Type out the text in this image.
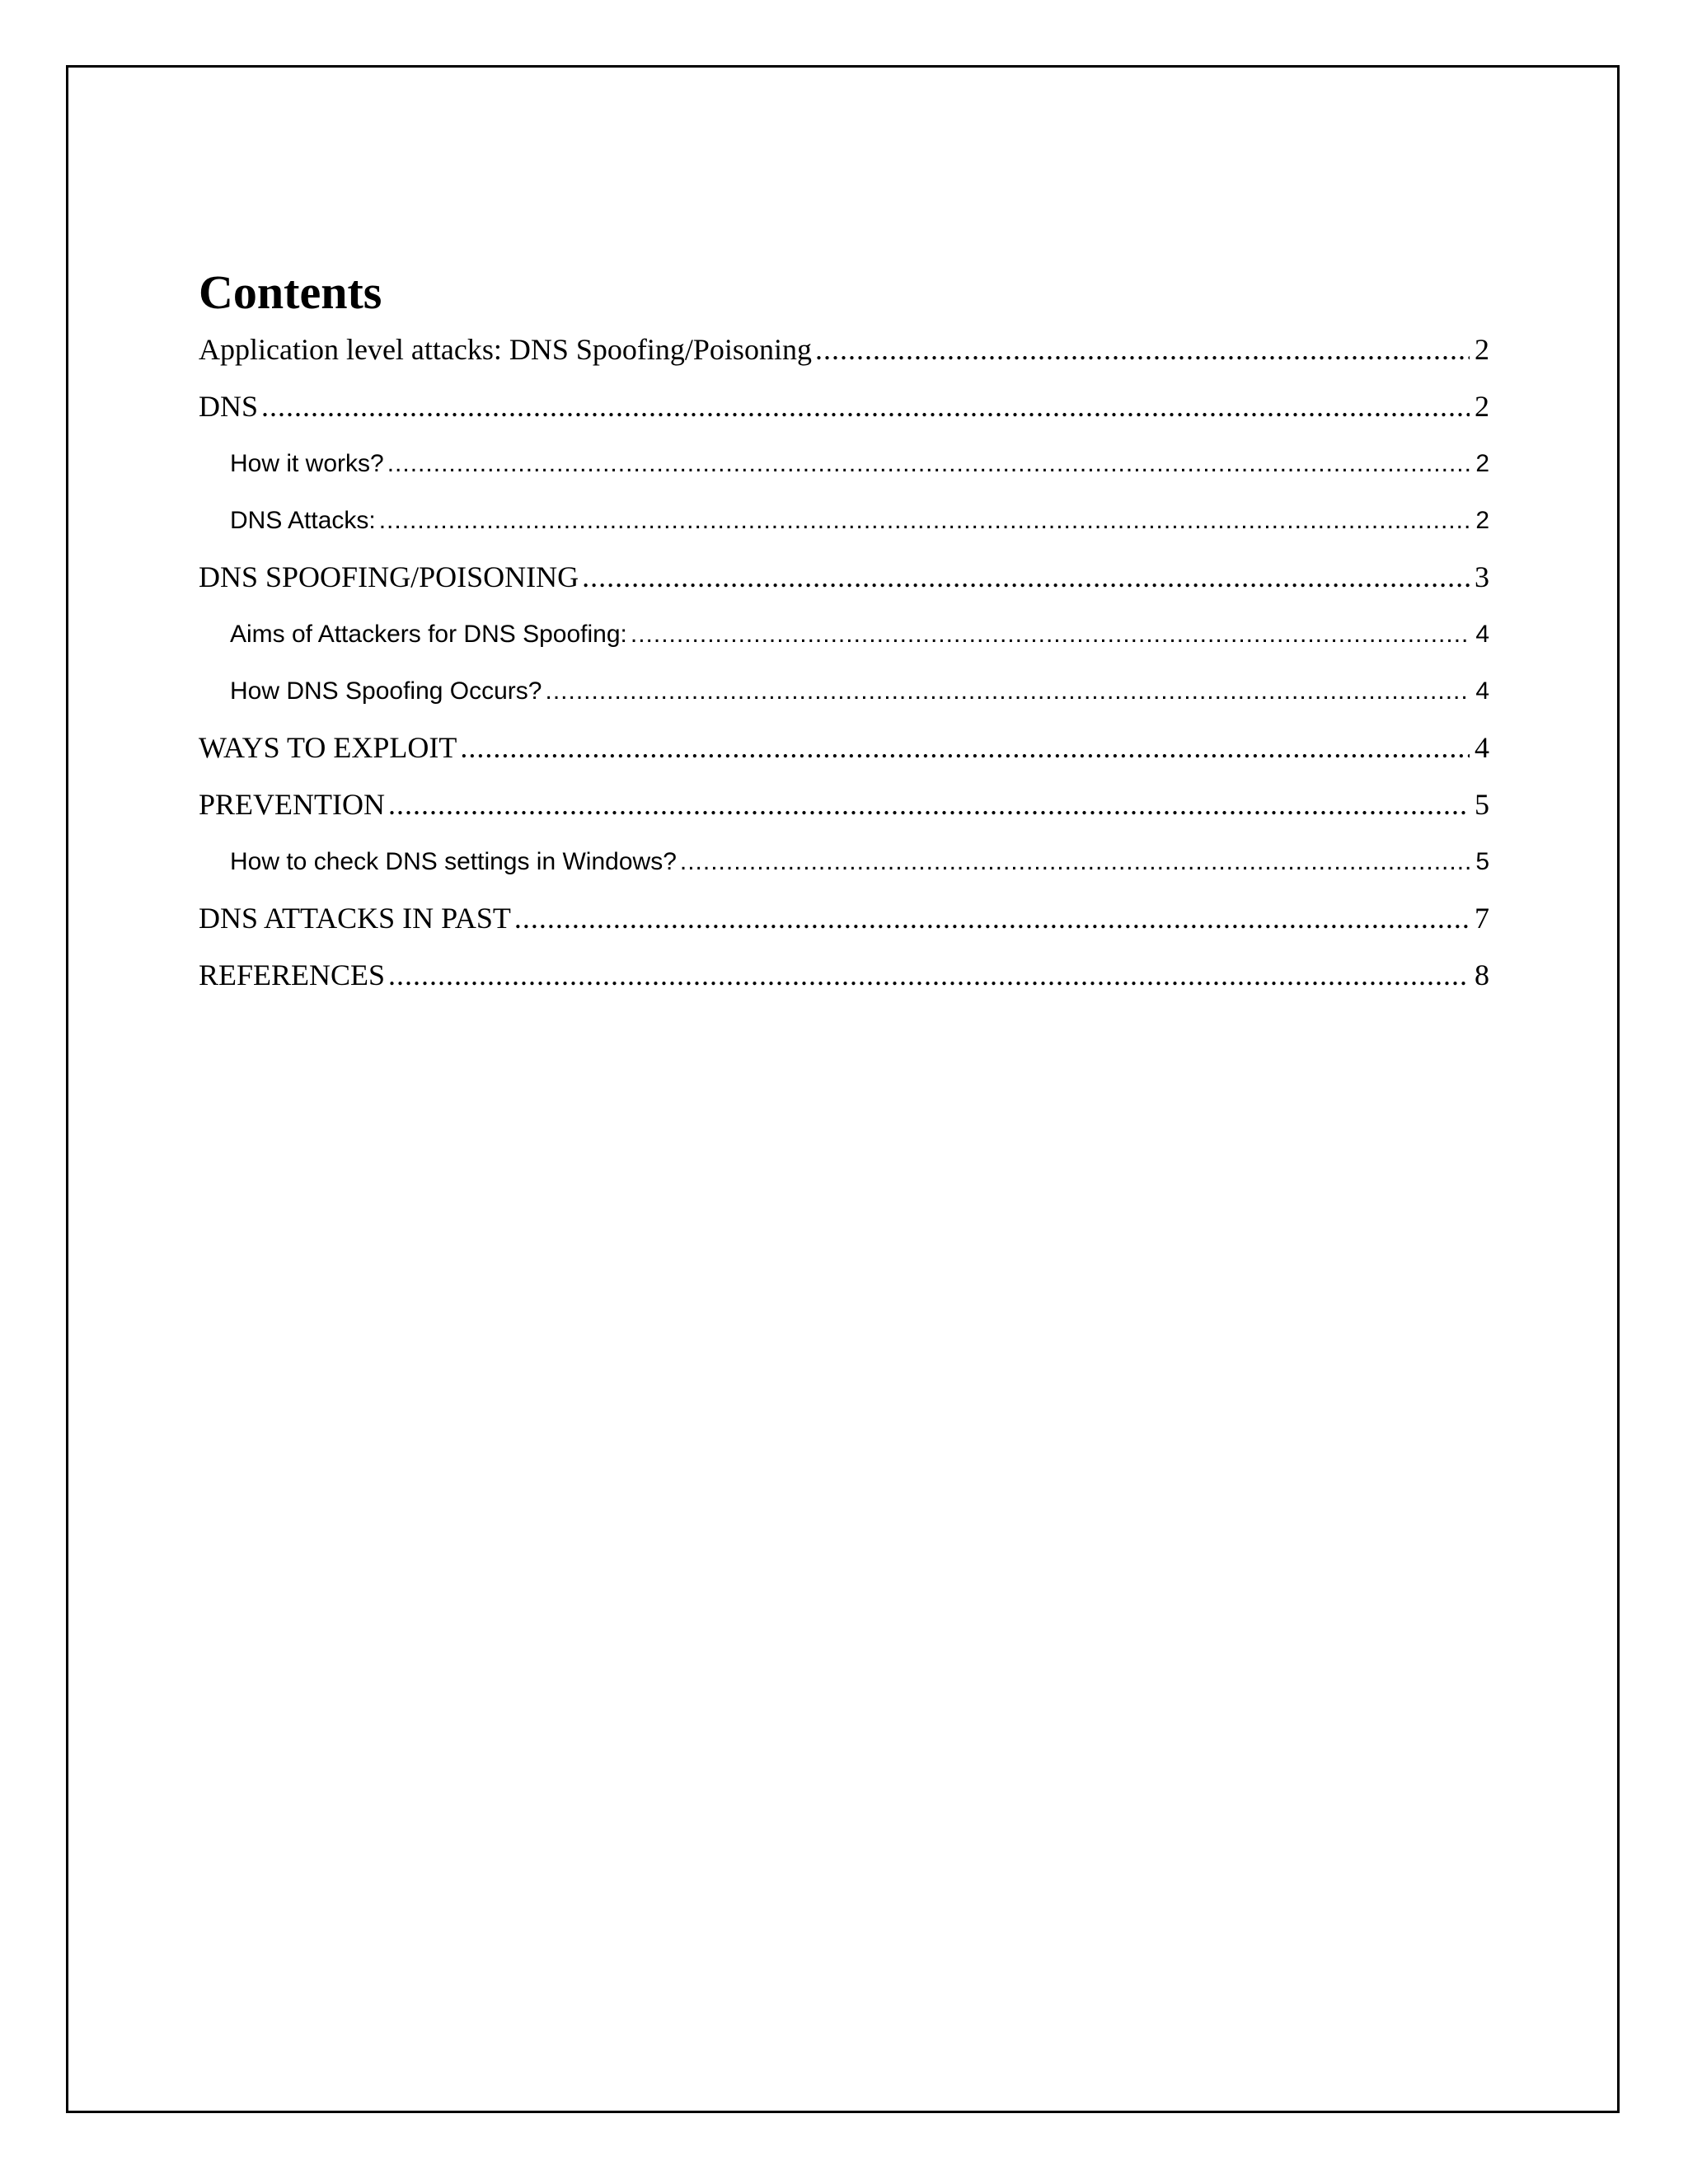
Contents
Application level attacks: DNS Spoofing/Poisoning .....	2
DNS .....	2
How it works? .....	2
DNS Attacks: .....	2
DNS SPOOFING/POISONING .....	3
Aims of Attackers for DNS Spoofing: .....	4
How DNS Spoofing Occurs? .....	4
WAYS TO EXPLOIT .....	4
PREVENTION .....	5
How to check DNS settings in Windows? .....	5
DNS ATTACKS IN PAST .....	7
REFERENCES .....	8
